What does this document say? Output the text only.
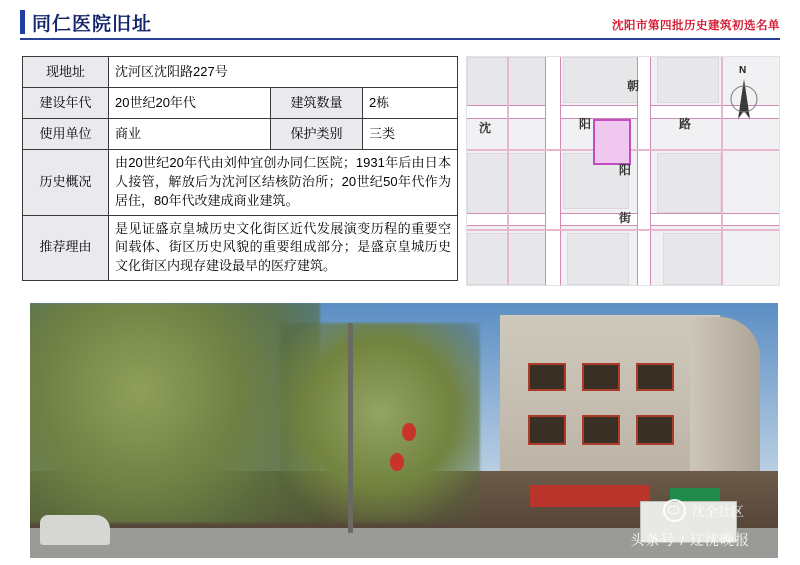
同仁医院旧址	沈阳市第四批历史建筑初选名单
现地址	沈河区沈阳路227号		
建设年代	20世纪20年代	建筑数量	2栋
使用单位	商业	保护类别	三类
历史概况	由20世纪20年代由刘仲宜创办同仁医院；1931年后由日本人接管，解放后为沈河区结核防治所；20世纪50年代作为居住，80年代改建成商业建筑。		
推荐理由	是见证盛京皇城历史文化街区近代发展演变历程的重要空间载体、街区历史风貌的重要组成部分；是盛京皇城历史文化街区内现存建设最早的医疗建筑。		
沈	阳	路
朝
阳
街
N
沈全社区
头条号 / 辽沈晚报
